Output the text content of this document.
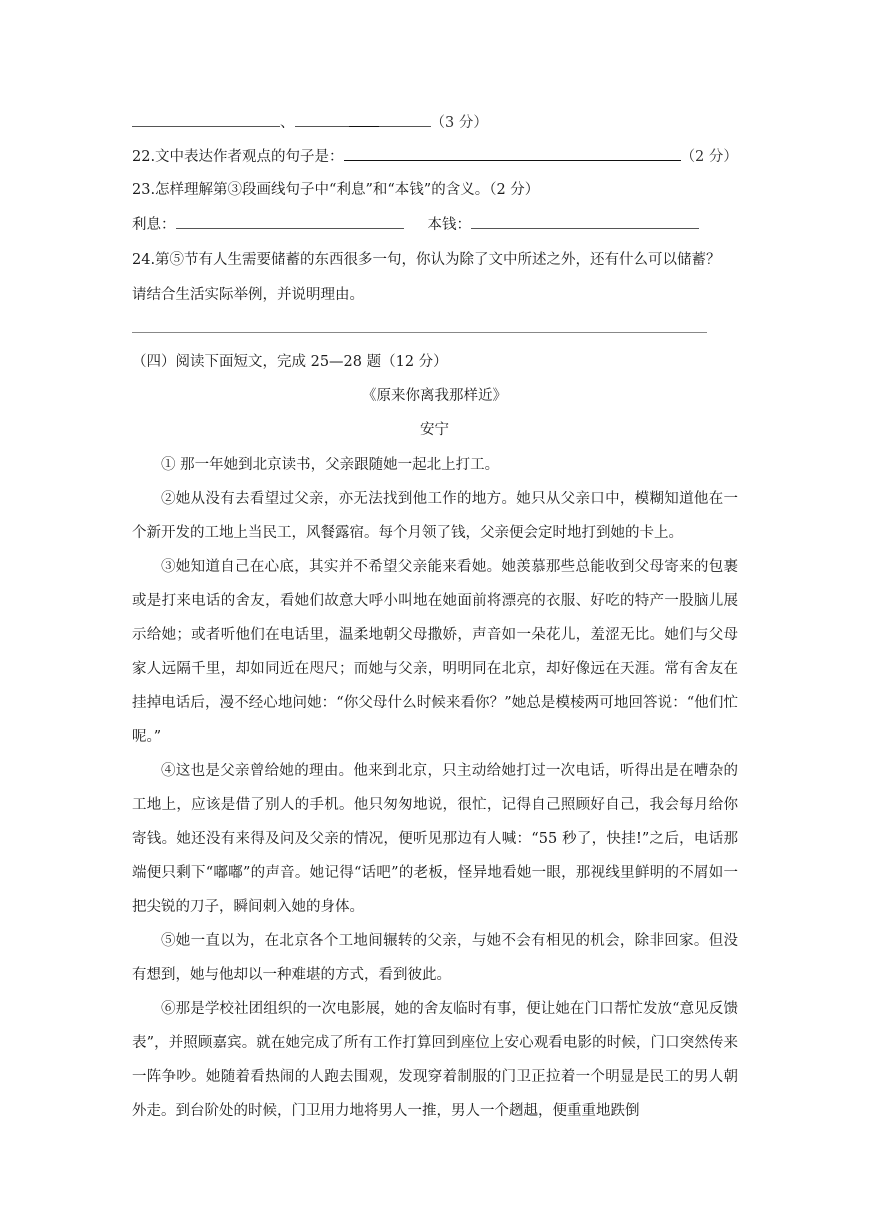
、	（3 分）
22.文中表达作者观点的句子是：	（2 分）
23.怎样理解第③段画线句子中“利息”和“本钱”的含义。（2 分）
利息：	本钱：
24.第⑤节有人生需要储蓄的东西很多一句，你认为除了文中所述之外，还有什么可以储蓄？
请结合生活实际举例，并说明理由。
（四）阅读下面短文，完成 25—28 题（12 分）
《原来你离我那样近》
安宁

① 那一年她到北京读书，父亲跟随她一起北上打工。

②她从没有去看望过父亲，亦无法找到他工作的地方。她只从父亲口中，模糊知道他在一个新开发的工地上当民工，风餐露宿。每个月领了钱，父亲便会定时地打到她的卡上。

③她知道自己在心底，其实并不希望父亲能来看她。她羡慕那些总能收到父母寄来的包裹或是打来电话的舍友，看她们故意大呼小叫地在她面前将漂亮的衣服、好吃的特产一股脑儿展示给她；或者听他们在电话里，温柔地朝父母撒娇，声音如一朵花儿，羞涩无比。她们与父母家人远隔千里，却如同近在咫尺；而她与父亲，明明同在北京，却好像远在天涯。常有舍友在挂掉电话后，漫不经心地问她：“你父母什么时候来看你？”她总是模棱两可地回答说：“他们忙呢。”

④这也是父亲曾给她的理由。他来到北京，只主动给她打过一次电话，听得出是在嘈杂的工地上，应该是借了别人的手机。他只匆匆地说，很忙，记得自己照顾好自己，我会每月给你寄钱。她还没有来得及问及父亲的情况，便听见那边有人喊：“55 秒了，快挂!”之后，电话那端便只剩下“嘟嘟”的声音。她记得“话吧”的老板，怪异地看她一眼，那视线里鲜明的不屑如一把尖锐的刀子，瞬间刺入她的身体。

⑤她一直以为，在北京各个工地间辗转的父亲，与她不会有相见的机会，除非回家。但没有想到，她与他却以一种难堪的方式，看到彼此。

⑥那是学校社团组织的一次电影展，她的舍友临时有事，便让她在门口帮忙发放“意见反馈表”，并照顾嘉宾。就在她完成了所有工作打算回到座位上安心观看电影的时候，门口突然传来一阵争吵。她随着看热闹的人跑去围观，发现穿着制服的门卫正拉着一个明显是民工的男人朝外走。到台阶处的时候，门卫用力地将男人一推，男人一个趔趄，便重重地跌倒
